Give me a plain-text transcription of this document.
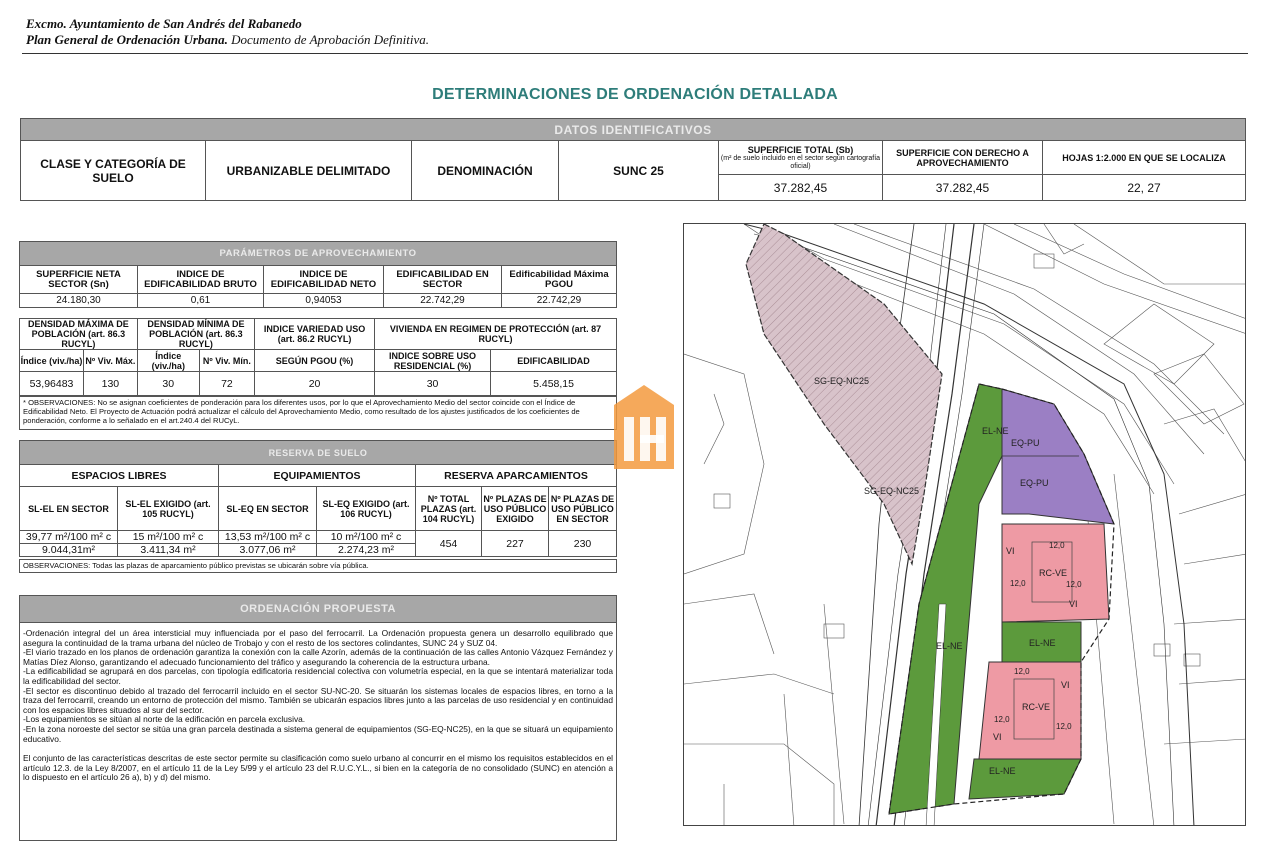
Excmo. Ayuntamiento de San Andrés del Rabanedo
Plan General de Ordenación Urbana. Documento de Aprobación Definitiva.
DETERMINACIONES DE ORDENACIÓN DETALLADA
DATOS IDENTIFICATIVOS						
CLASE Y CATEGORÍA DE SUELO	URBANIZABLE DELIMITADO	DENOMINACIÓN	SUNC 25	SUPERFICIE TOTAL (Sb)
(m² de suelo incluido en el sector según cartografía oficial)	SUPERFICIE CON DERECHO A APROVECHAMIENTO	HOJAS 1:2.000 EN QUE SE LOCALIZA
				37.282,45	37.282,45	22, 27
PARÁMETROS DE APROVECHAMIENTO				
SUPERFICIE NETA SECTOR (Sn)	INDICE DE EDIFICABILIDAD BRUTO	INDICE DE EDIFICABILIDAD NETO	EDIFICABILIDAD EN SECTOR	Edificabilidad Máxima PGOU
24.180,30	0,61	0,94053	22.742,29	22.742,29
DENSIDAD MÁXIMA DE POBLACIÓN (art. 86.3 RUCYL)		DENSIDAD MÍNIMA DE POBLACIÓN (art. 86.3 RUCYL)		INDICE VARIEDAD USO (art. 86.2 RUCYL)	VIVIENDA EN REGIMEN DE PROTECCIÓN (art. 87 RUCYL)	
Índice (viv./ha)	Nº Viv. Máx.	Índice (viv./ha)	Nº Viv. Mín.	SEGÚN PGOU (%)	INDICE SOBRE USO RESIDENCIAL (%)	EDIFICABILIDAD
53,96483	130	30	72	20	30	5.458,15
* OBSERVACIONES: No se asignan coeficientes de ponderación para los diferentes usos, por lo que el Aprovechamiento Medio del sector coincide con el Índice de Edificabilidad Neto. El Proyecto de Actuación podrá actualizar el cálculo del Aprovechamiento Medio, como resultado de los ajustes justificados de los coeficientes de ponderación, conforme a lo señalado en el art.240.4 del RUCyL.
RESERVA DE SUELO						
ESPACIOS LIBRES		EQUIPAMIENTOS		RESERVA APARCAMIENTOS		
SL-EL EN SECTOR	SL-EL EXIGIDO (art. 105 RUCYL)	SL-EQ EN SECTOR	SL-EQ EXIGIDO (art. 106 RUCYL)	Nº TOTAL PLAZAS (art. 104 RUCYL)	Nº PLAZAS DE USO PÚBLICO EXIGIDO	Nº PLAZAS DE USO PÚBLICO EN SECTOR
39,77 m²/100 m² c	15 m²/100 m² c	13,53 m²/100 m² c	10 m²/100 m² c	454	227	230
9.044,31m²	3.411,34 m²	3.077,06 m²	2.274,23 m²			
OBSERVACIONES: Todas las plazas de aparcamiento público previstas se ubicarán sobre vía pública.
ORDENACIÓN PROPUESTA

-Ordenación integral del un área intersticial muy influenciada por el paso del ferrocarril. La Ordenación propuesta genera un desarrollo equilibrado que asegura la continuidad de la trama urbana del núcleo de Trobajo y con el resto de los sectores colindantes, SUNC 24 y SUZ 04.

-El viario trazado en los planos de ordenación garantiza la conexión con la calle Azorín, además de la continuación de las calles Antonio Vázquez Fernández y Matías Díez Alonso, garantizando el adecuado funcionamiento del tráfico y asegurando la coherencia de la estructura urbana.

-La edificabilidad se agrupará en dos parcelas, con tipología edificatoria residencial colectiva con volumetría especial, en la que se intentará materializar toda la edificabilidad del sector.

-El sector es discontinuo debido al trazado del ferrocarril incluido en el sector SU-NC-20. Se situarán los sistemas locales de espacios libres, en torno a la traza del ferrocarril, creando un entorno de protección del mismo. También se ubicarán espacios libres junto a las parcelas de uso residencial y en continuidad con los espacios libres situados al sur del sector.

-Los equipamientos se sitúan al norte de la edificación en parcela exclusiva.

-En la zona noroeste del sector se sitúa una gran parcela destinada a sistema general de equipamientos (SG-EQ-NC25), en la que se situará un equipamiento educativo.

El conjunto de las características descritas de este sector permite su clasificación como suelo urbano al concurrir en el mismo los requisitos establecidos en el artículo 12.3. de la Ley 8/2007, en el artículo 11 de la Ley 5/99 y el artículo 23 del R.U.C.Y.L., si bien en la categoría de no consolidado (SUNC) en atención a lo dispuesto en el artículo 26 a), b) y d) del mismo.

SG-EQ-NC25
SG-EQ-NC25
EL-NE
EL-NE	EL-NE
EL-NE
EQ-PU
EQ-PU
RC-VE
RC-VE
VI
VI
VI
VI
12,0
12,0	12,0
12,0
12,0
12,0
